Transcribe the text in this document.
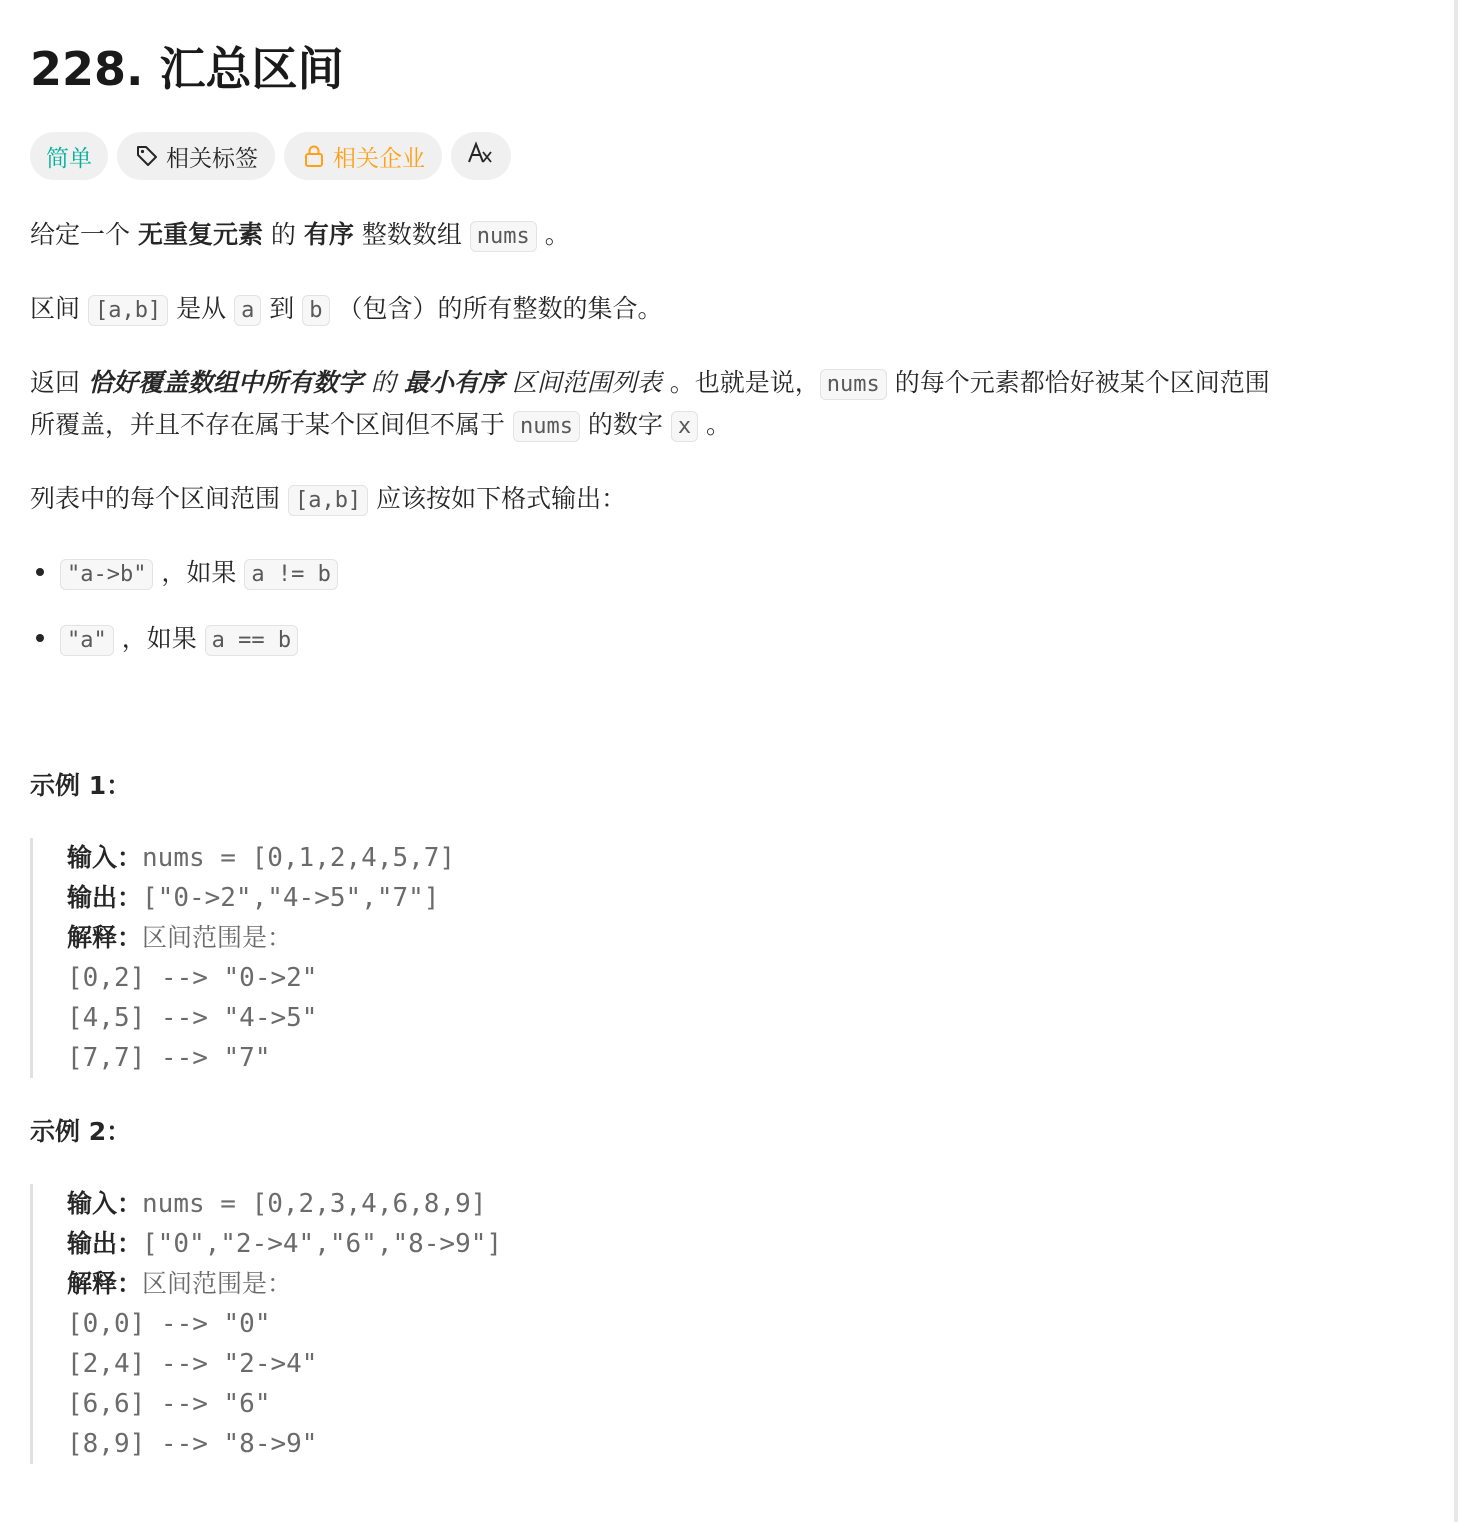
228. 汇总区间
简单	相关标签	相关企业

给定一个 无重复元素 的 有序 整数数组 nums 。

区间 [a,b] 是从 a 到 b （包含）的所有整数的集合。

返回 恰好覆盖数组中所有数字 的 最小有序 区间范围列表 。也就是说， nums 的每个元素都恰好被某个区间范围

所覆盖，并且不存在属于某个区间但不属于 nums 的数字 x 。

列表中的每个区间范围 [a,b] 应该按如下格式输出：

"a->b" ，如果 a != b
"a" ，如果 a == b
示例 1：
输入：nums = [0,1,2,4,5,7]
输出：["0->2","4->5","7"]
解释：区间范围是：
[0,2] --> "0->2"
[4,5] --> "4->5"
[7,7] --> "7"
示例 2：
输入：nums = [0,2,3,4,6,8,9]
输出：["0","2->4","6","8->9"]
解释：区间范围是：
[0,0] --> "0"
[2,4] --> "2->4"
[6,6] --> "6"
[8,9] --> "8->9"
